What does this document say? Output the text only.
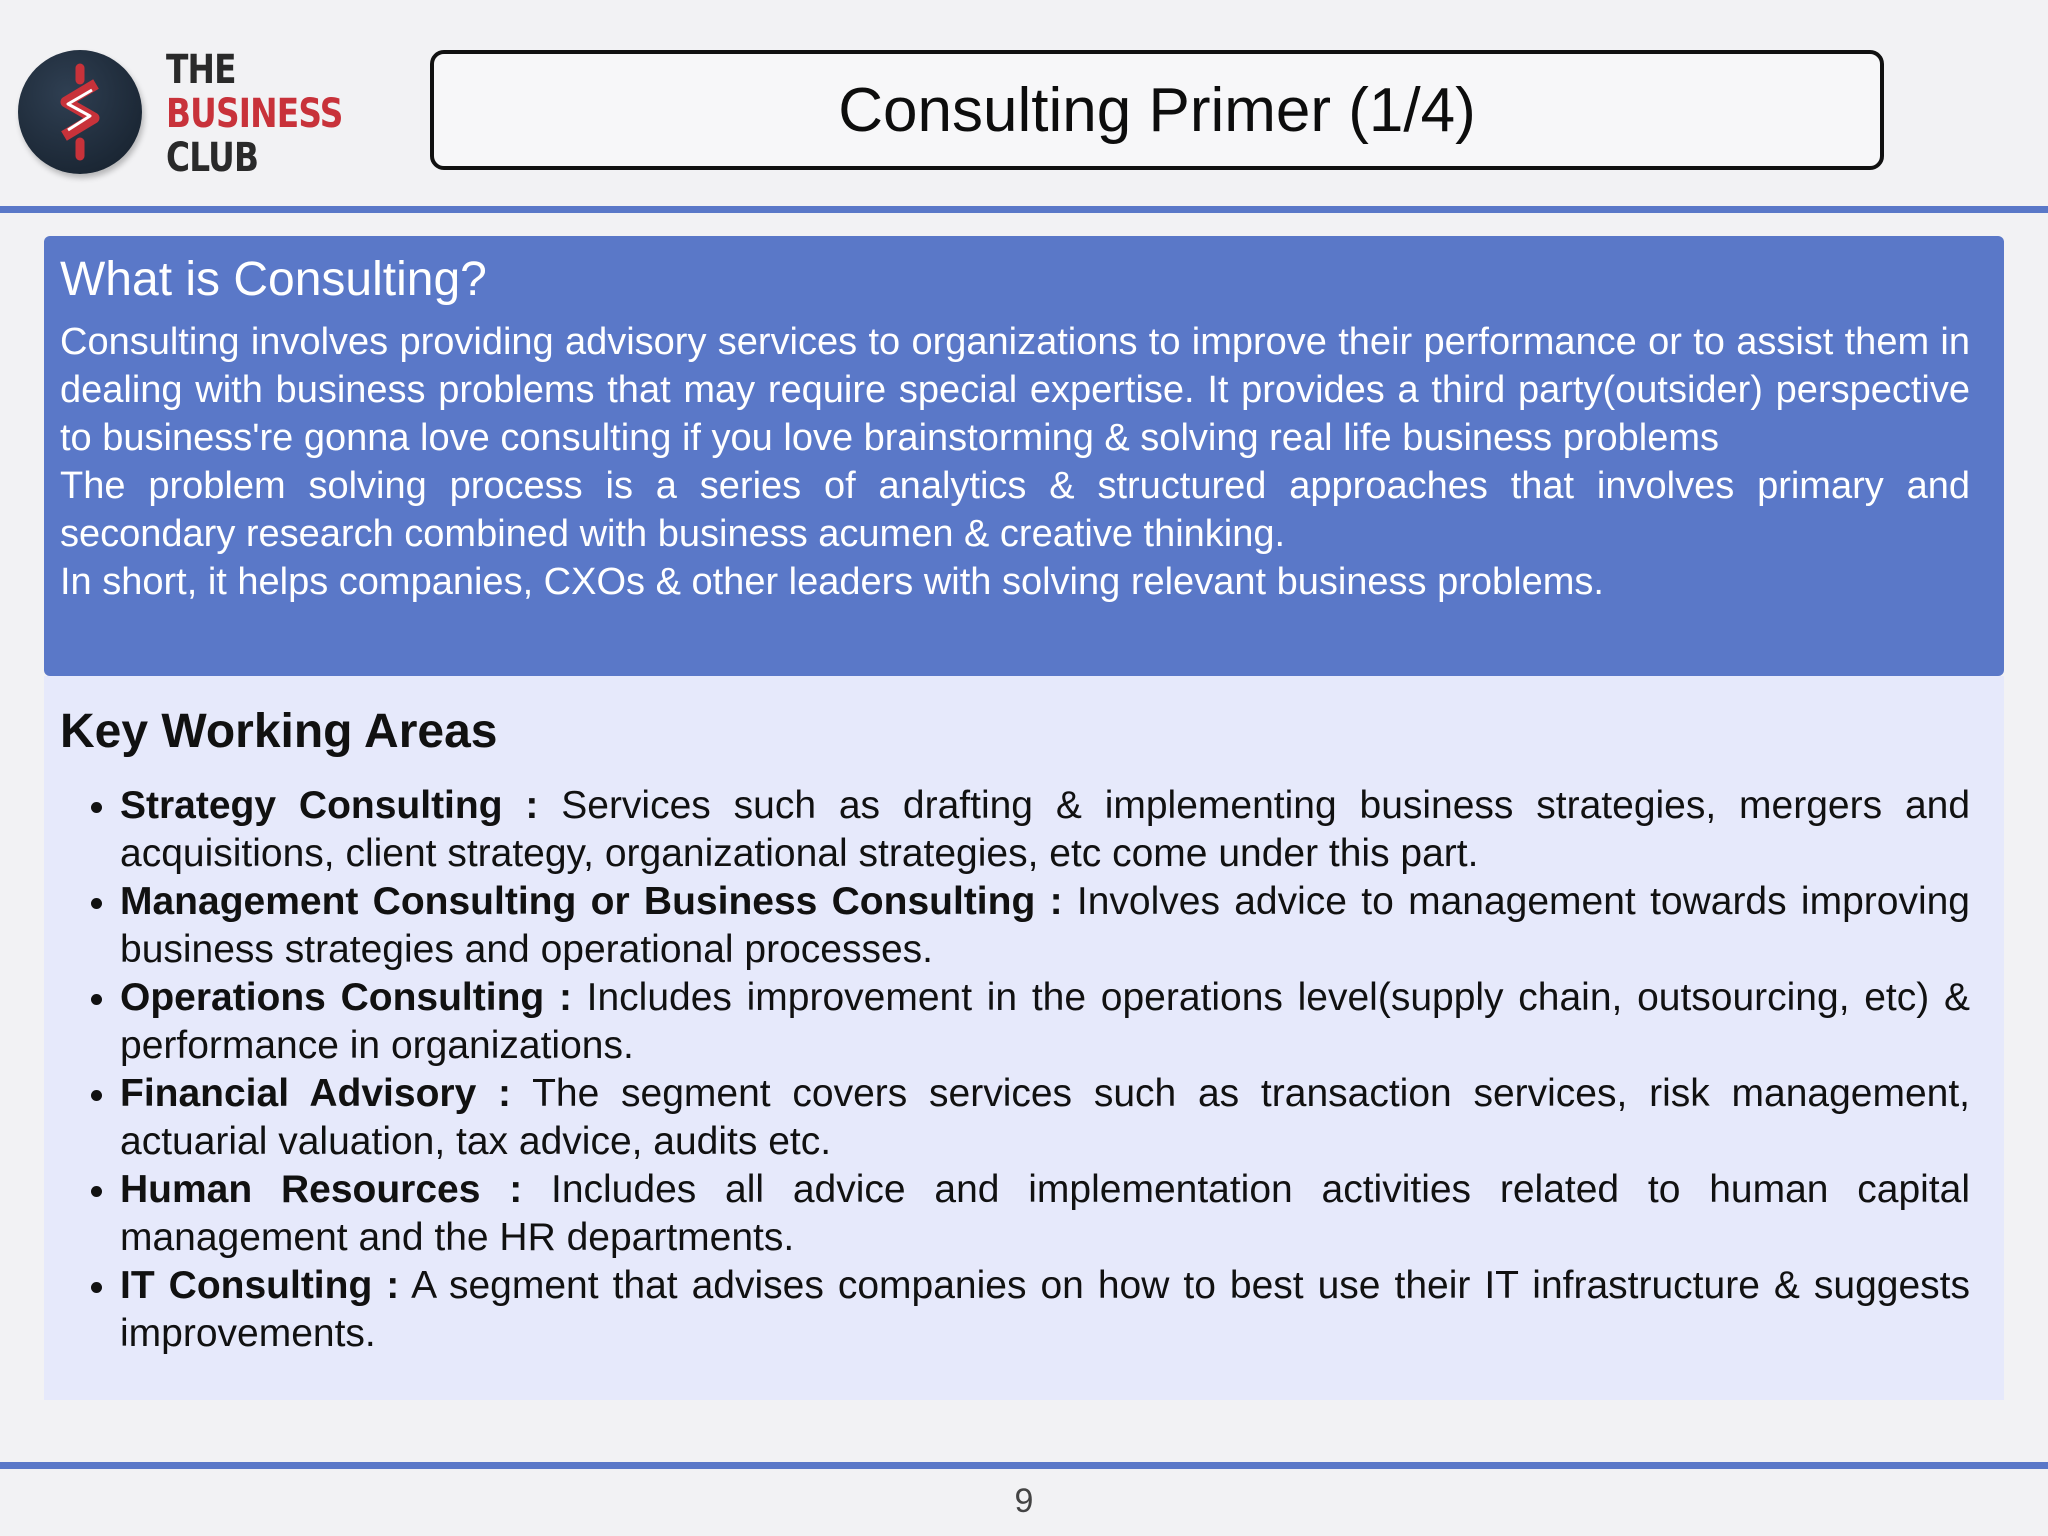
THE
BUSINESS
CLUB
Consulting Primer (1/4)
What is Consulting?

Consulting involves providing advisory services to organizations to improve their performance or to assist them in dealing with business problems that may require special expertise. It provides a third party(outsider) perspective to business're gonna love consulting if you love brainstorming & solving real life business problems

The problem solving process is a series of analytics & structured approaches that involves primary and secondary research combined with business acumen & creative thinking.

In short, it helps companies, CXOs & other leaders with solving relevant business problems.

Key Working Areas
• Strategy Consulting : Services such as drafting & implementing business strategies, mergers and acquisitions, client strategy, organizational strategies, etc come under this part.
• Management Consulting or Business Consulting : Involves advice to management towards improving business strategies and operational processes.
• Operations Consulting : Includes improvement in the operations level(supply chain, outsourcing, etc) & performance in organizations.
• Financial Advisory : The segment covers services such as transaction services, risk management, actuarial valuation, tax advice, audits etc.
• Human Resources : Includes all advice and implementation activities related to human capital management and the HR departments.
• IT Consulting : A segment that advises companies on how to best use their IT infrastructure & suggests improvements.
9
